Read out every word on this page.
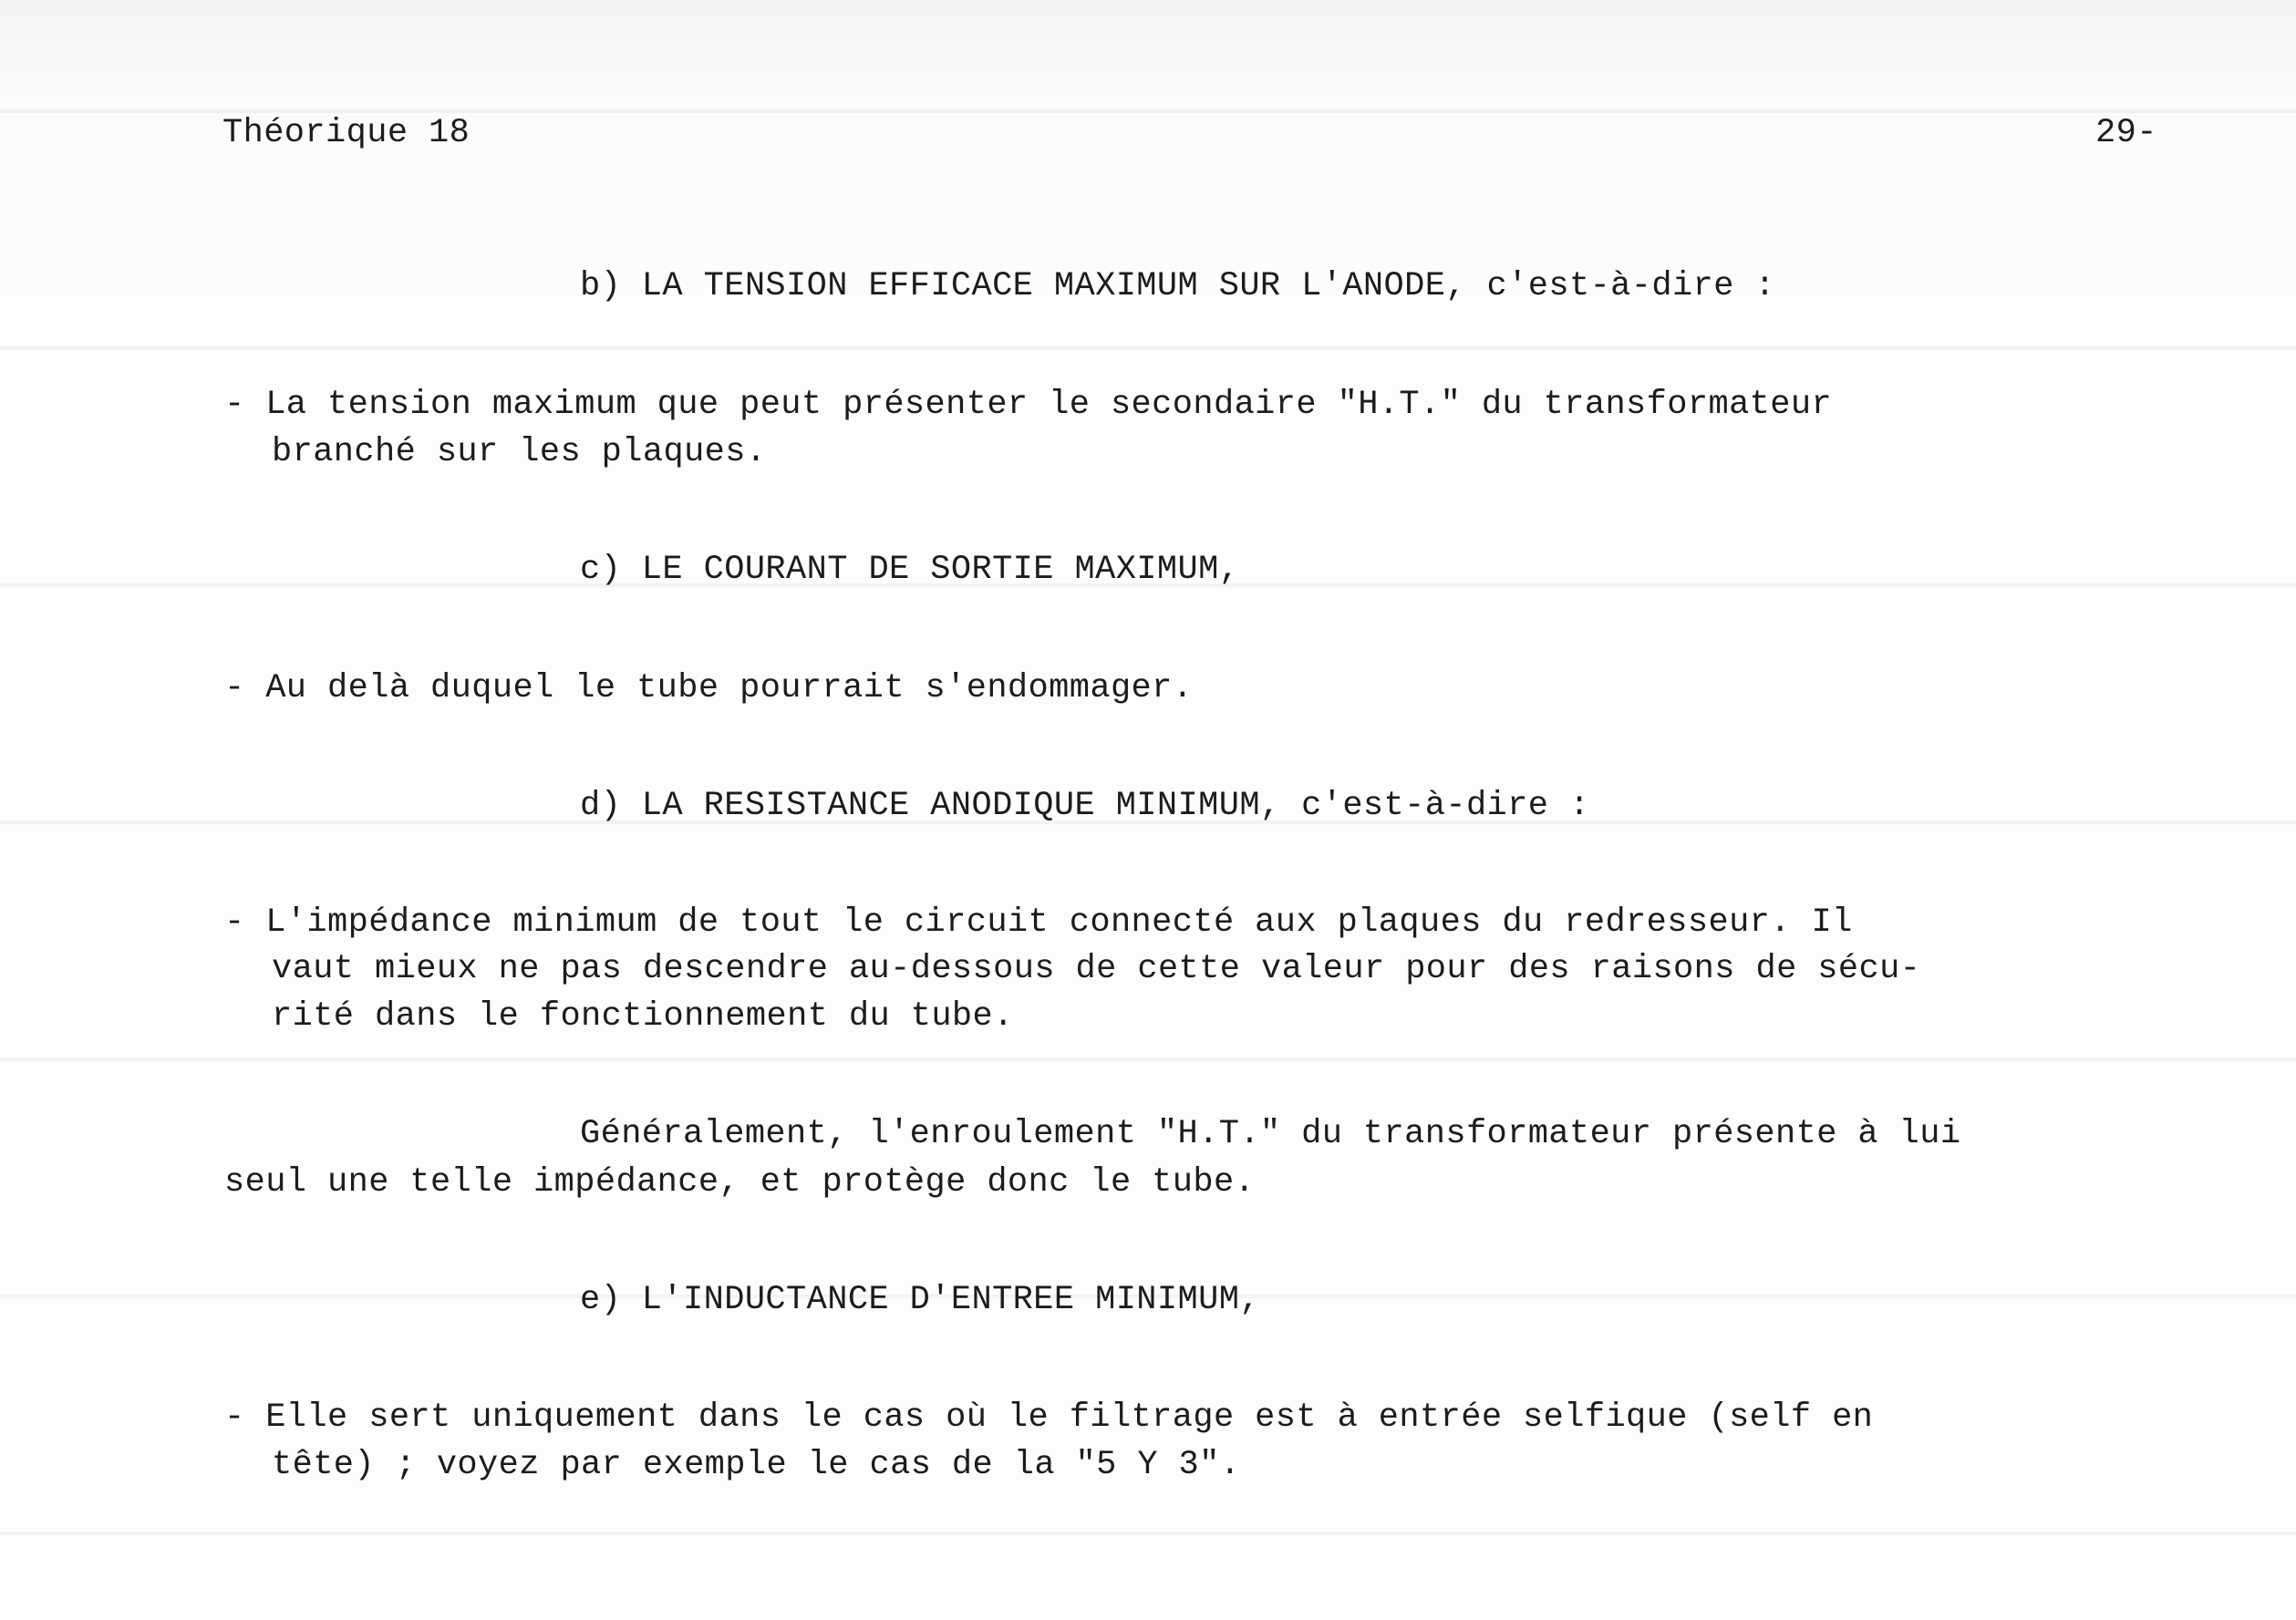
Théorique 18	29-
b) LA TENSION EFFICACE MAXIMUM SUR L'ANODE, c'est-à-dire :
- La tension maximum que peut présenter le secondaire "H.T." du transformateur
branché sur les plaques.
c) LE COURANT DE SORTIE MAXIMUM,
- Au delà duquel le tube pourrait s'endommager.
d) LA RESISTANCE ANODIQUE MINIMUM, c'est-à-dire :
- L'impédance minimum de tout le circuit connecté aux plaques du redresseur. Il
vaut mieux ne pas descendre au-dessous de cette valeur pour des raisons de sécu-
rité dans le fonctionnement du tube.
Généralement, l'enroulement "H.T." du transformateur présente à lui
seul une telle impédance, et protège donc le tube.
e) L'INDUCTANCE D'ENTREE MINIMUM,
- Elle sert uniquement dans le cas où le filtrage est à entrée selfique (self en
tête) ; voyez par exemple le cas de la "5 Y 3".
